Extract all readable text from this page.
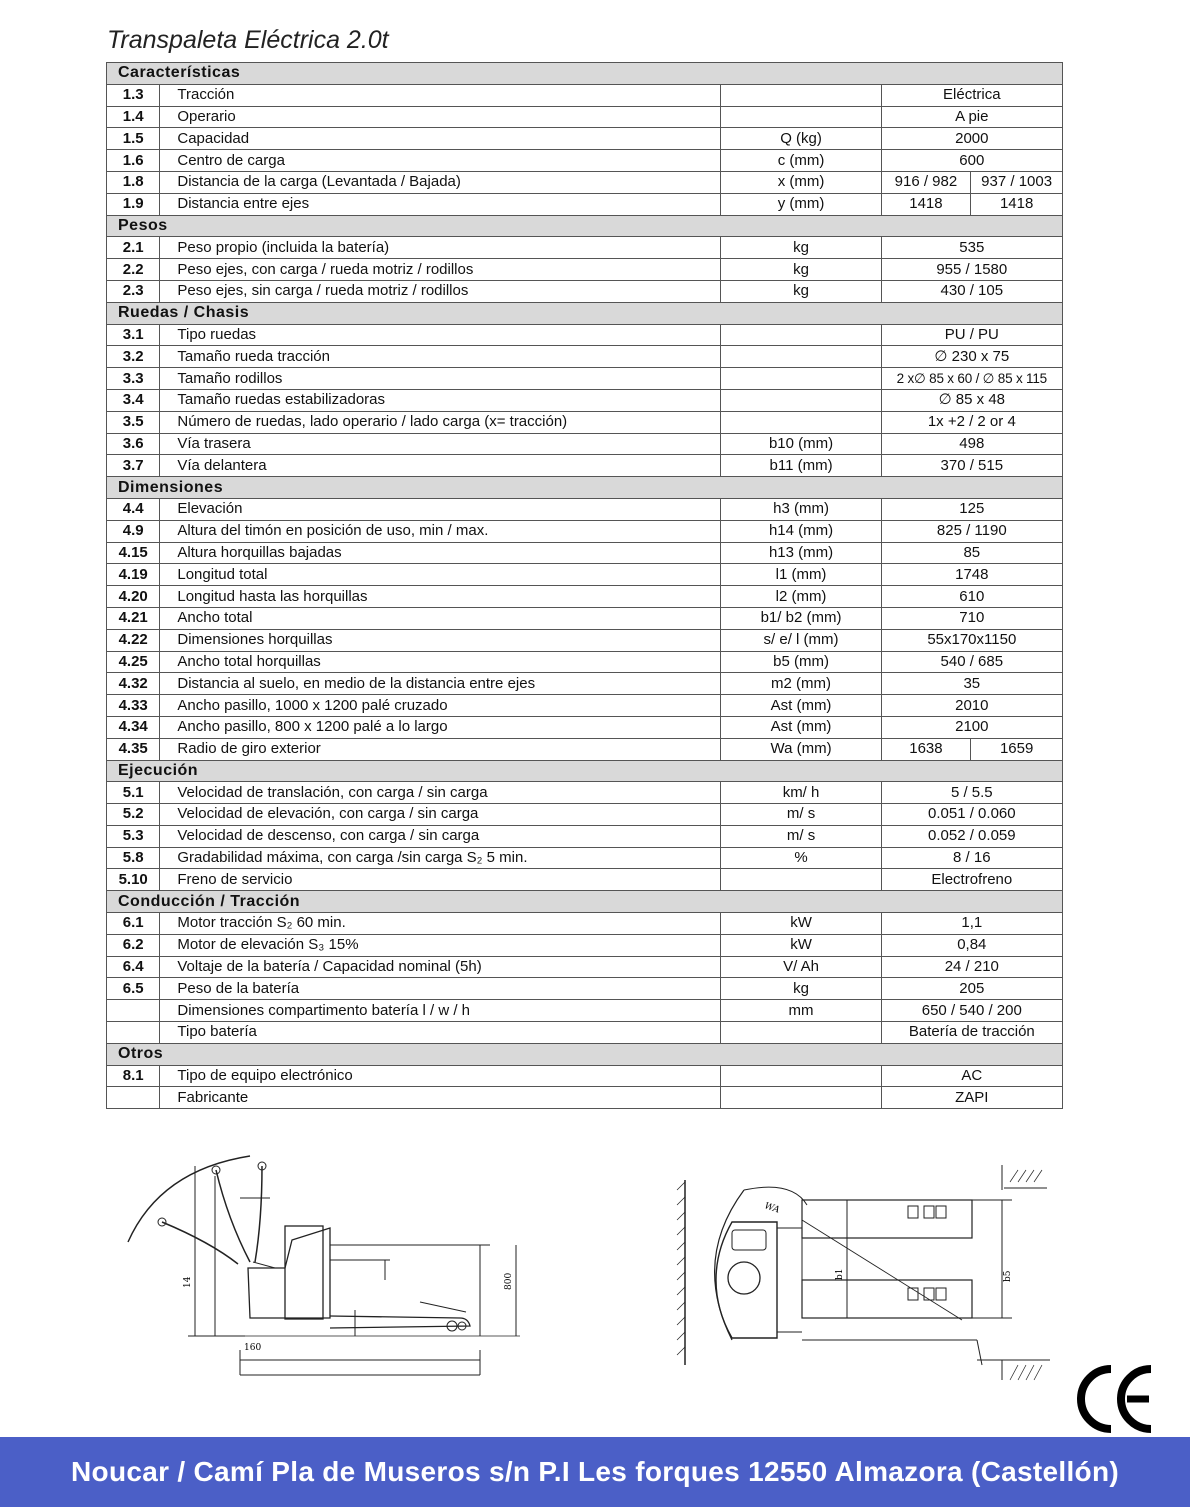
Transpaleta Eléctrica 2.0t
Características				
1.3	Tracción		Eléctrica	
1.4	Operario		A pie	
1.5	Capacidad	Q (kg)	2000	
1.6	Centro de carga	c (mm)	600	
1.8	Distancia de la carga (Levantada / Bajada)	x (mm)	916 / 982	937 / 1003
1.9	Distancia entre ejes	y (mm)	1418	1418
Pesos				
2.1	Peso propio (incluida la batería)	kg	535	
2.2	Peso ejes, con carga / rueda motriz / rodillos	kg	955 / 1580	
2.3	Peso ejes, sin carga / rueda motriz / rodillos	kg	430 / 105	
Ruedas / Chasis				
3.1	Tipo ruedas		PU / PU	
3.2	Tamaño rueda tracción		∅ 230 x 75	
3.3	Tamaño rodillos		2 x∅ 85 x 60 / ∅ 85 x 115	
3.4	Tamaño ruedas estabilizadoras		∅ 85 x 48	
3.5	Número de ruedas, lado operario / lado carga (x= tracción)		1x +2 / 2 or 4	
3.6	Vía trasera	b10 (mm)	498	
3.7	Vía delantera	b11 (mm)	370 / 515	
Dimensiones				
4.4	Elevación	h3 (mm)	125	
4.9	Altura del timón en posición de uso, min / max.	h14 (mm)	825 / 1190	
4.15	Altura horquillas bajadas	h13 (mm)	85	
4.19	Longitud total	l1 (mm)	1748	
4.20	Longitud hasta las horquillas	l2 (mm)	610	
4.21	Ancho total	b1/ b2 (mm)	710	
4.22	Dimensiones horquillas	s/ e/ l (mm)	55x170x1150	
4.25	Ancho total horquillas	b5 (mm)	540 / 685	
4.32	Distancia al suelo, en medio de la distancia entre ejes	m2 (mm)	35	
4.33	Ancho pasillo, 1000 x 1200 palé cruzado	Ast (mm)	2010	
4.34	Ancho pasillo, 800 x 1200 palé a lo largo	Ast (mm)	2100	
4.35	Radio de giro exterior	Wa (mm)	1638	1659
Ejecución				
5.1	Velocidad de translación, con carga / sin carga	km/ h	5 / 5.5	
5.2	Velocidad de elevación, con carga / sin carga	m/ s	0.051 / 0.060	
5.3	Velocidad de descenso, con carga / sin carga	m/ s	0.052 / 0.059	
5.8	Gradabilidad máxima, con carga /sin carga S₂ 5 min.	%	8 / 16	
5.10	Freno de servicio		Electrofreno	
Conducción / Tracción				
6.1	Motor tracción S₂ 60 min.	kW	1,1	
6.2	Motor de elevación S₃ 15%	kW	0,84	
6.4	Voltaje de la batería / Capacidad nominal (5h)	V/ Ah	24 / 210	
6.5	Peso de la batería	kg	205	
	Dimensiones compartimento batería l / w / h	mm	650 / 540 / 200	
	Tipo batería		Batería de tracción	
Otros				
8.1	Tipo de equipo electrónico		AC	
	Fabricante		ZAPI	
14	800
160
WA
b1	b5
Noucar / Camí Pla de Museros s/n P.I Les forques 12550 Almazora (Castellón)
